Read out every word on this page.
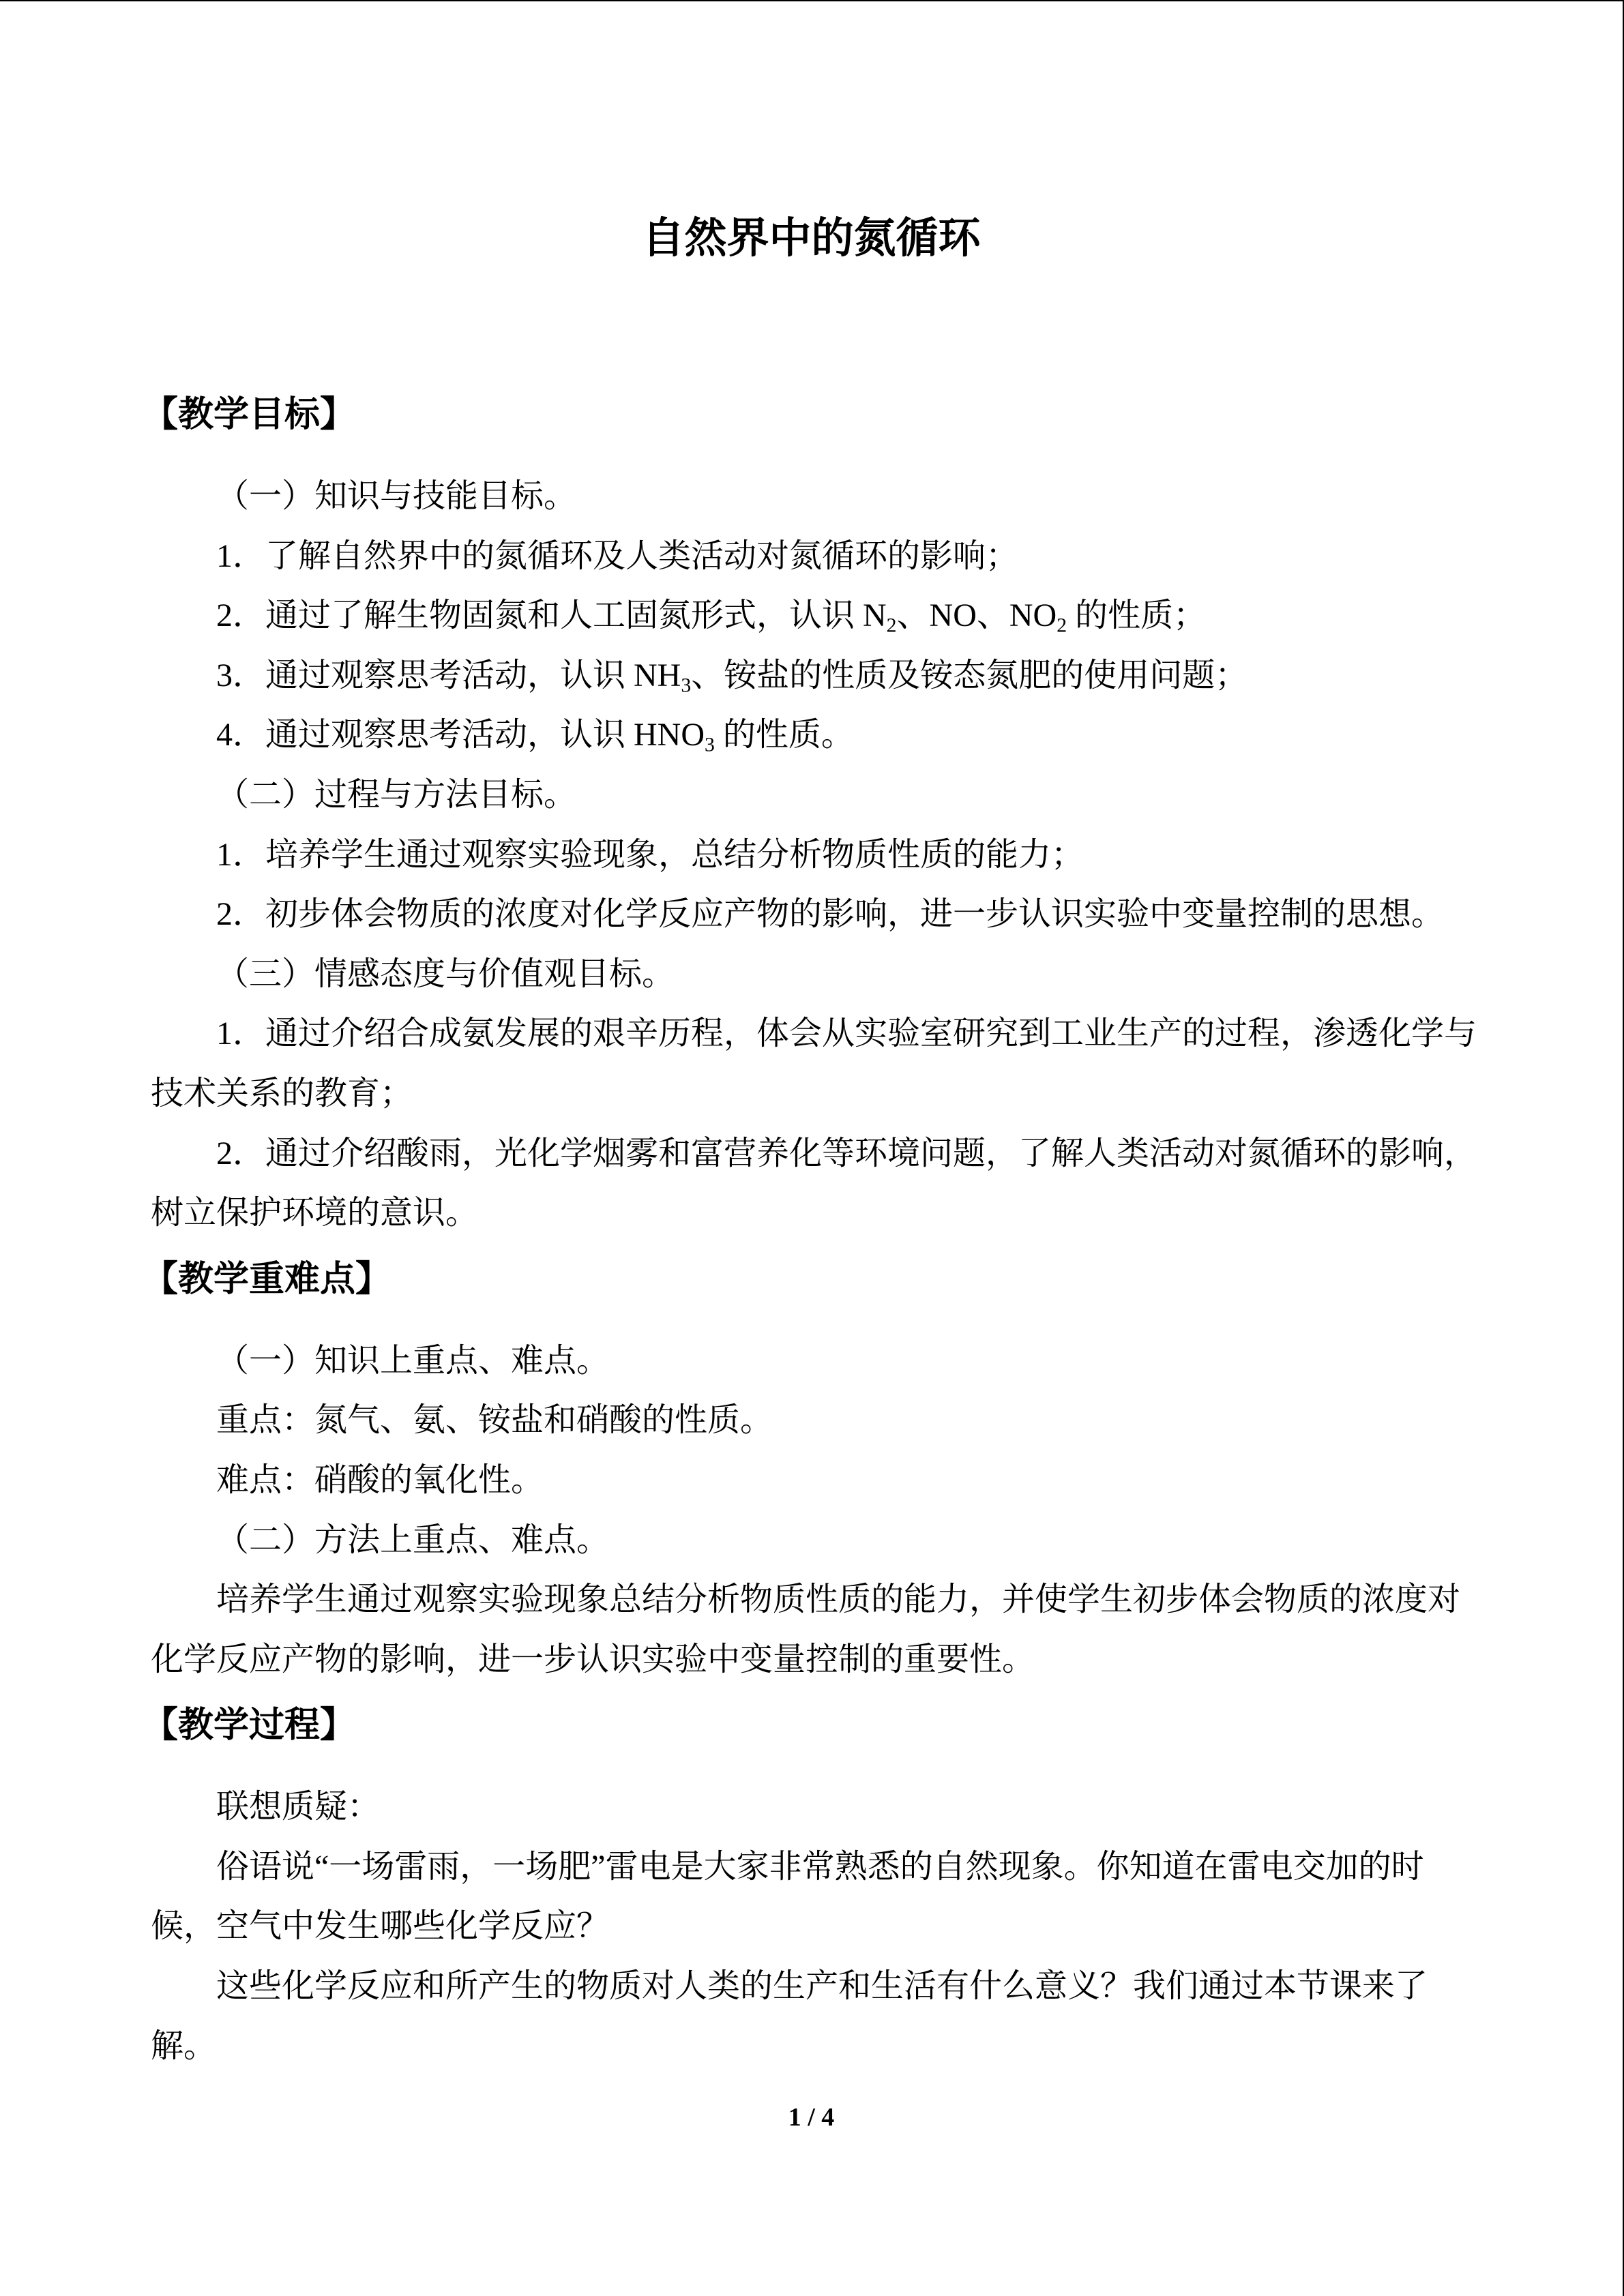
自然界中的氮循环
【教学目标】
（一）知识与技能目标。
1．了解自然界中的氮循环及人类活动对氮循环的影响；
2．通过了解生物固氮和人工固氮形式，认识 $N_2$、NO、$NO_2$ 的性质；
3．通过观察思考活动，认识 $NH_3$、铵盐的性质及铵态氮肥的使用问题；
4．通过观察思考活动，认识 $HNO_3$ 的性质。
（二）过程与方法目标。
1．培养学生通过观察实验现象，总结分析物质性质的能力；
2．初步体会物质的浓度对化学反应产物的影响，进一步认识实验中变量控制的思想。
（三）情感态度与价值观目标。
1．通过介绍合成氨发展的艰辛历程，体会从实验室研究到工业生产的过程，渗透化学与
技术关系的教育；
2．通过介绍酸雨，光化学烟雾和富营养化等环境问题，了解人类活动对氮循环的影响，
树立保护环境的意识。
【教学重难点】
（一）知识上重点、难点。
重点：氮气、氨、铵盐和硝酸的性质。
难点：硝酸的氧化性。
（二）方法上重点、难点。
培养学生通过观察实验现象总结分析物质性质的能力，并使学生初步体会物质的浓度对
化学反应产物的影响，进一步认识实验中变量控制的重要性。
【教学过程】
联想质疑：
俗语说“一场雷雨，一场肥”雷电是大家非常熟悉的自然现象。你知道在雷电交加的时
候，空气中发生哪些化学反应？
这些化学反应和所产生的物质对人类的生产和生活有什么意义？我们通过本节课来了
解。
1 / 4
